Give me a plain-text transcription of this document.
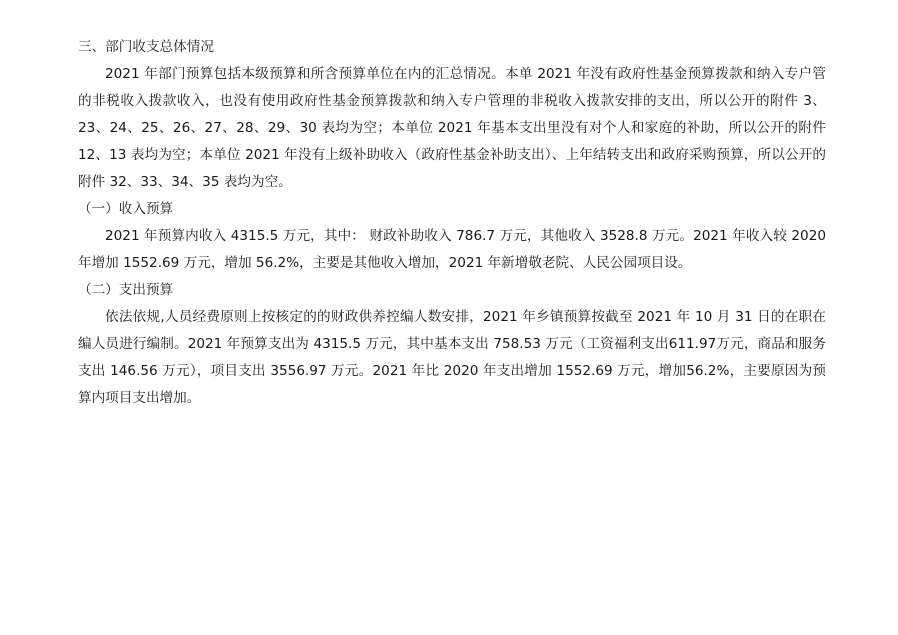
三、部门收支总体情况

2021 年部门预算包括本级预算和所含预算单位在内的汇总情况。本单 2021 年没有政府性基金预算拨款和纳入专户管的非税收入拨款收入，也没有使用政府性基金预算拨款和纳入专户管理的非税收入拨款安排的支出，所以公开的附件 3、23、24、25、26、27、28、29、30 表均为空；本单位 2021 年基本支出里没有对个人和家庭的补助，所以公开的附件 12、13 表均为空；本单位 2021 年没有上级补助收入（政府性基金补助支出）、上年结转支出和政府采购预算，所以公开的附件 32、33、34、35 表均为空。

（一）收入预算

2021 年预算内收入 4315.5 万元，其中： 财政补助收入 786.7 万元，其他收入 3528.8 万元。2021 年收入较 2020 年增加 1552.69 万元，增加 56.2%，主要是其他收入增加，2021 年新增敬老院、人民公园项目设。

（二）支出预算

依法依规,人员经费原则上按核定的的财政供养控编人数安排，2021 年乡镇预算按截至 2021 年 10 月 31 日的在职在编人员进行编制。2021 年预算支出为 4315.5 万元，其中基本支出 758.53 万元（工资福利支出611.97万元，商品和服务支出 146.56 万元），项目支出 3556.97 万元。2021 年比 2020 年支出增加 1552.69 万元，增加56.2%，主要原因为预算内项目支出增加。
